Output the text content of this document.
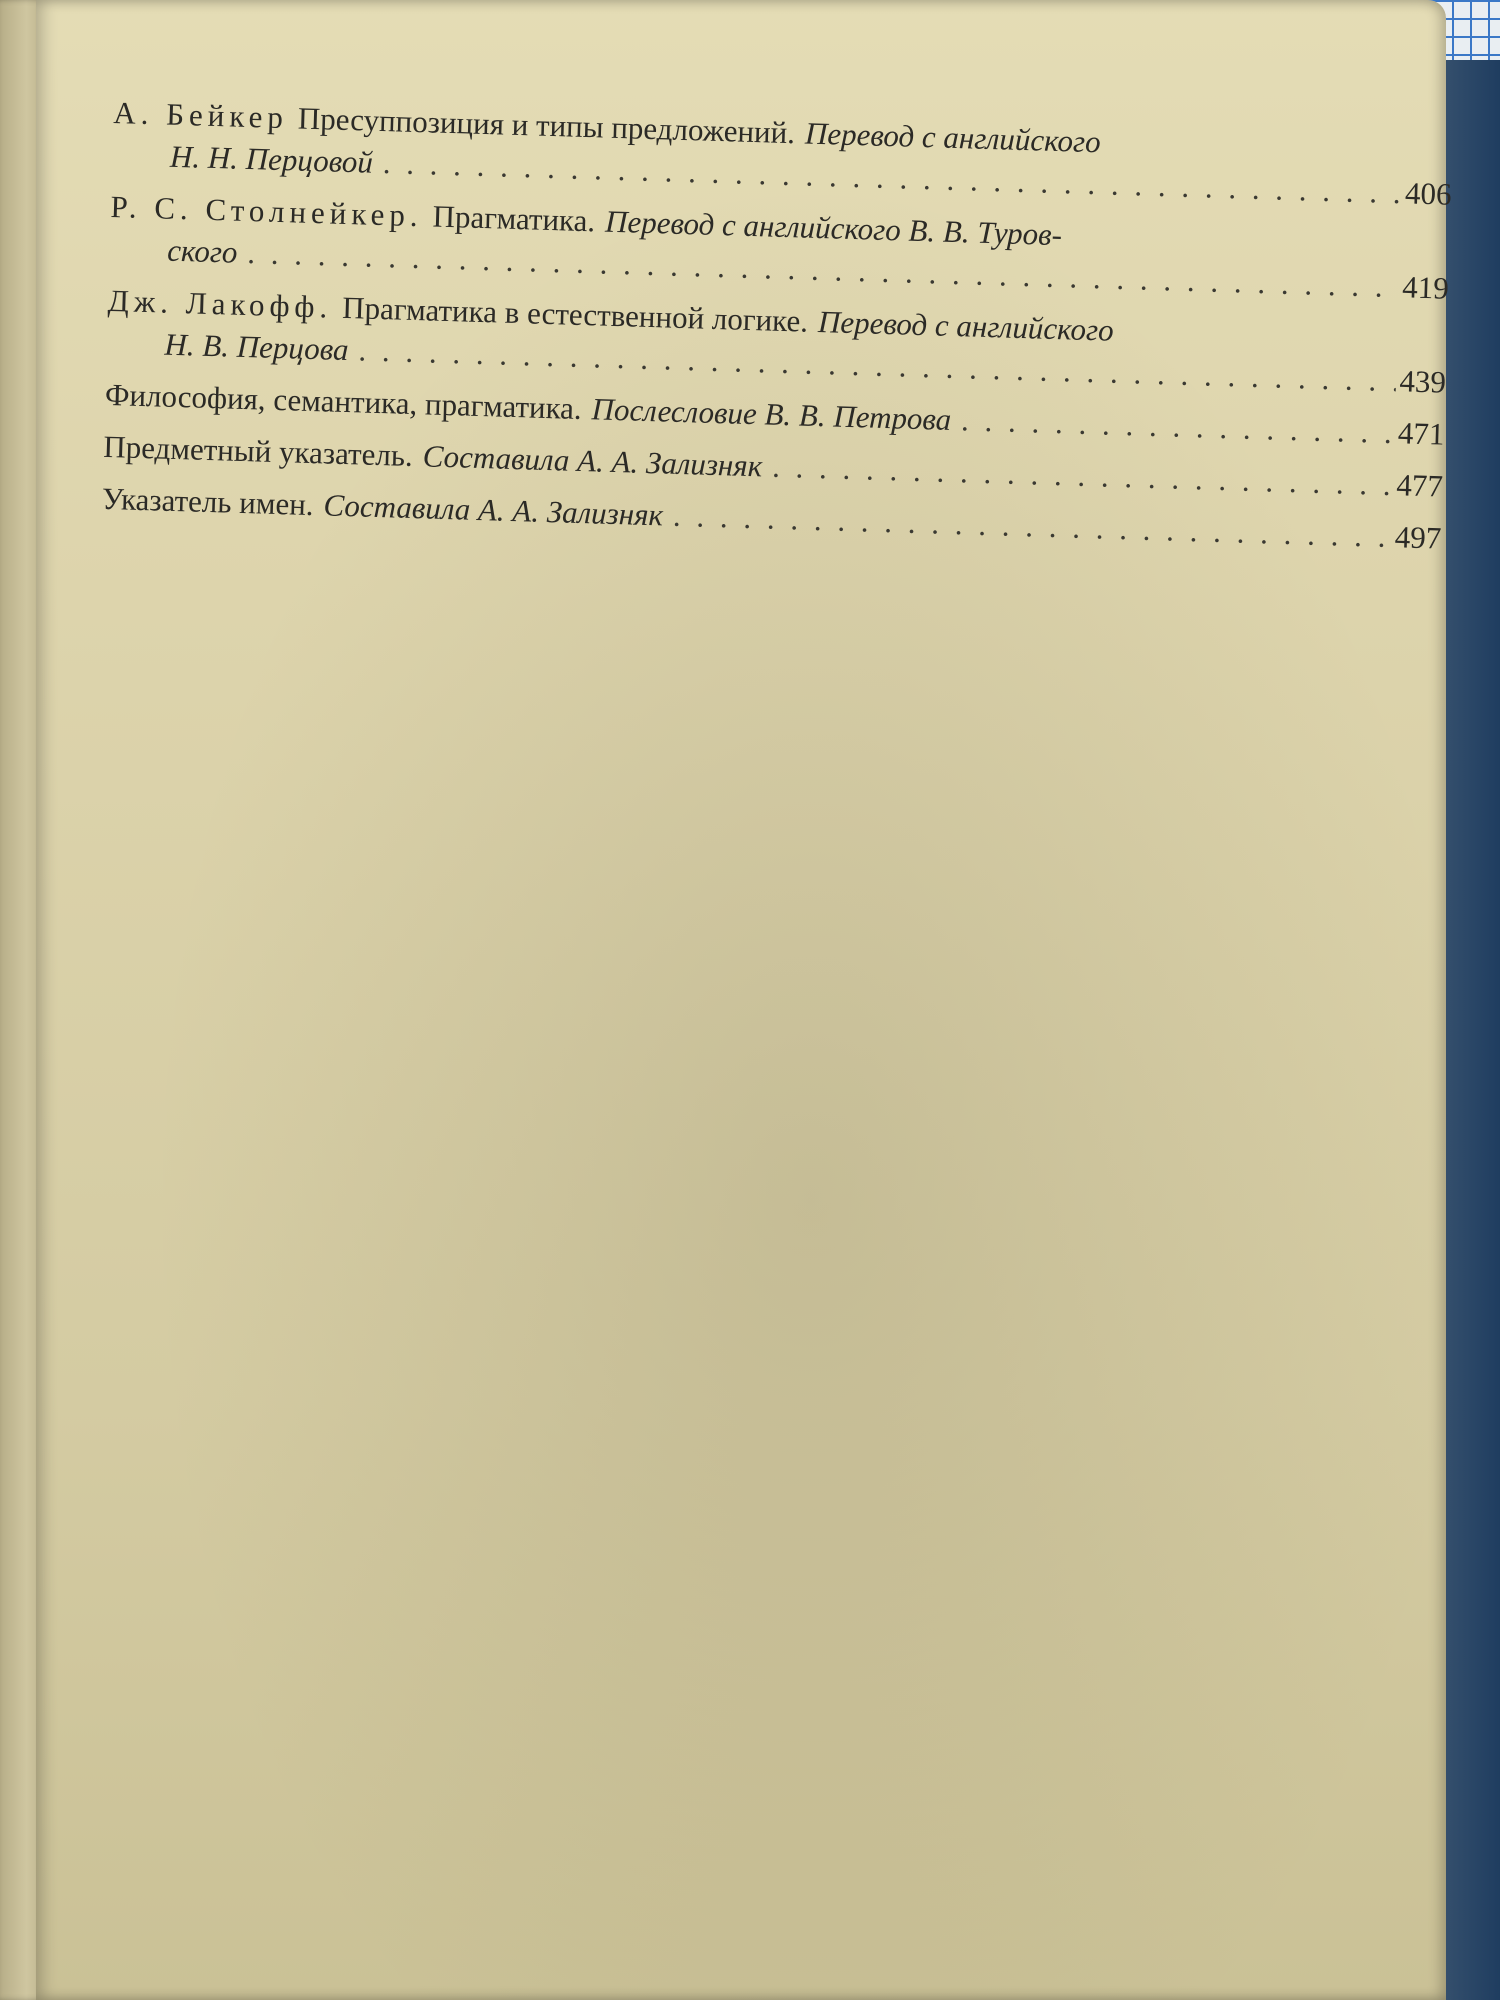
А. Бейкер Пресуппозиция и типы предложений. Перевод с английского
Н. Н. Перцовой
. . .
406
Р. С. Столнейкер. Прагматика. Перевод с английского В. В. Туров-
ского
. . .
419
Дж. Лакофф. Прагматика в естественной логике. Перевод с английского
Н. В. Перцова
. . .
439
Философия, семантика, прагматика. Послесловие В. В. Петрова
. . .	471
Предметный указатель. Составила А. А. Зализняк
. . .
477
Указатель имен. Составила А. А. Зализняк
. . .
497
